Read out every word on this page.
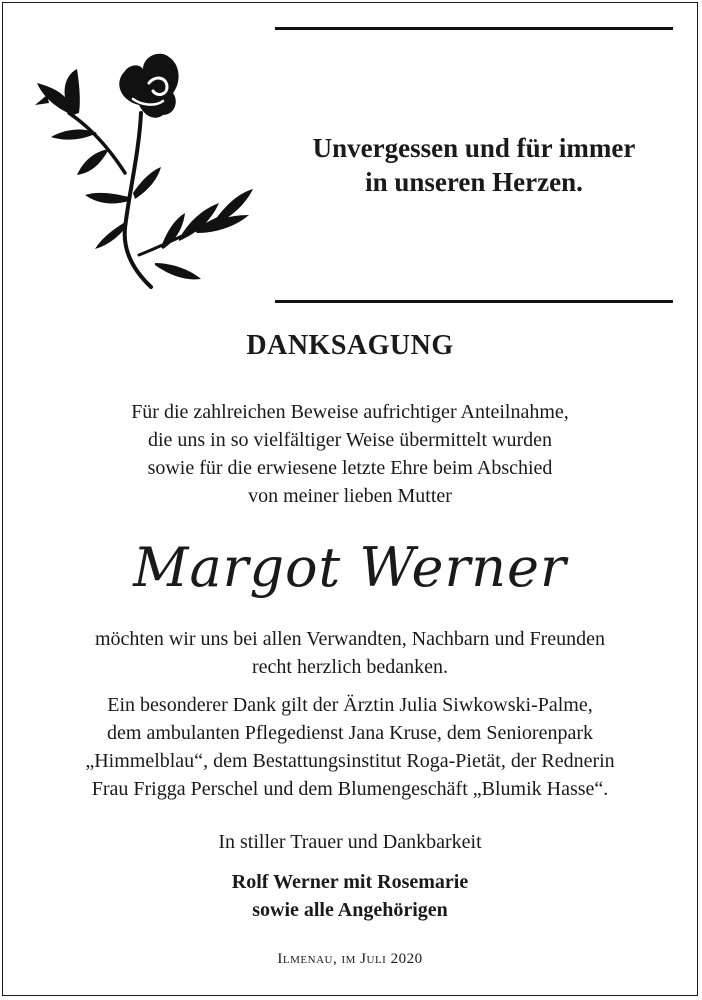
Unvergessen und für immer
in unseren Herzen.
DANKSAGUNG
Für die zahlreichen Beweise aufrichtiger Anteilnahme,
die uns in so vielfältiger Weise übermittelt wurden
sowie für die erwiesene letzte Ehre beim Abschied
von meiner lieben Mutter
Margot Werner
möchten wir uns bei allen Verwandten, Nachbarn und Freunden
recht herzlich bedanken.
Ein besonderer Dank gilt der Ärztin Julia Siwkowski-Palme,
dem ambulanten Pflegedienst Jana Kruse, dem Seniorenpark
„Himmelblau“, dem Bestattungsinstitut Roga-Pietät, der Rednerin
Frau Frigga Perschel und dem Blumengeschäft „Blumik Hasse“.
In stiller Trauer und Dankbarkeit
Rolf Werner mit Rosemarie
sowie alle Angehörigen
Ilmenau, im Juli 2020
